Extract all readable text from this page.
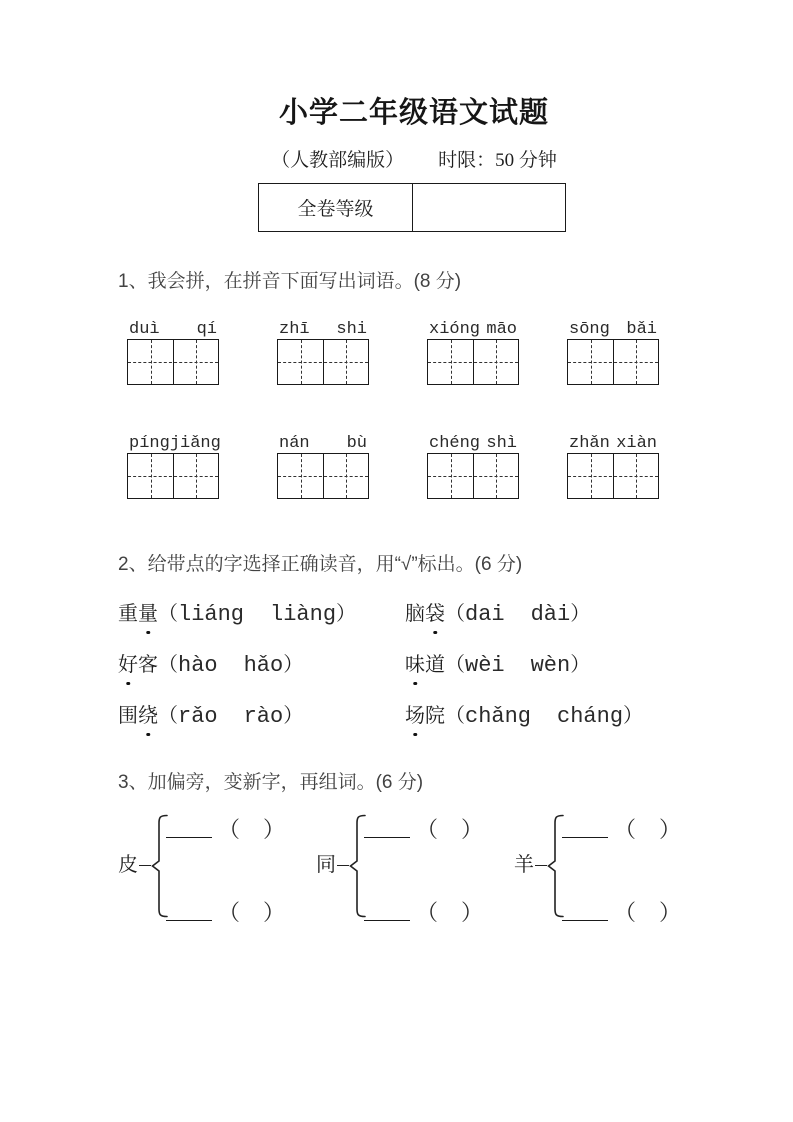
小学二年级语文试题
（人教部编版） 时限：50 分钟
全卷等级
1、我会拼，在拼音下面写出词语。(8 分)
duì qí	zhī shi	xióng māo	sōng bǎi
píng jiǎng	nán bù	chéng shì	zhǎn xiàn
2、给带点的字选择正确读音，用“√”标出。(6 分)
重量（liáng liàng） 脑袋（dai dài）
好客（hào hǎo）	味道（wèi wèn）
围绕（rǎo rào）	场院（chǎng cháng）
3、加偏旁，变新字，再组词。(6 分)
皮
（ ）
（ ）
同
（ ）
（ ）
羊
（ ）
（ ）
